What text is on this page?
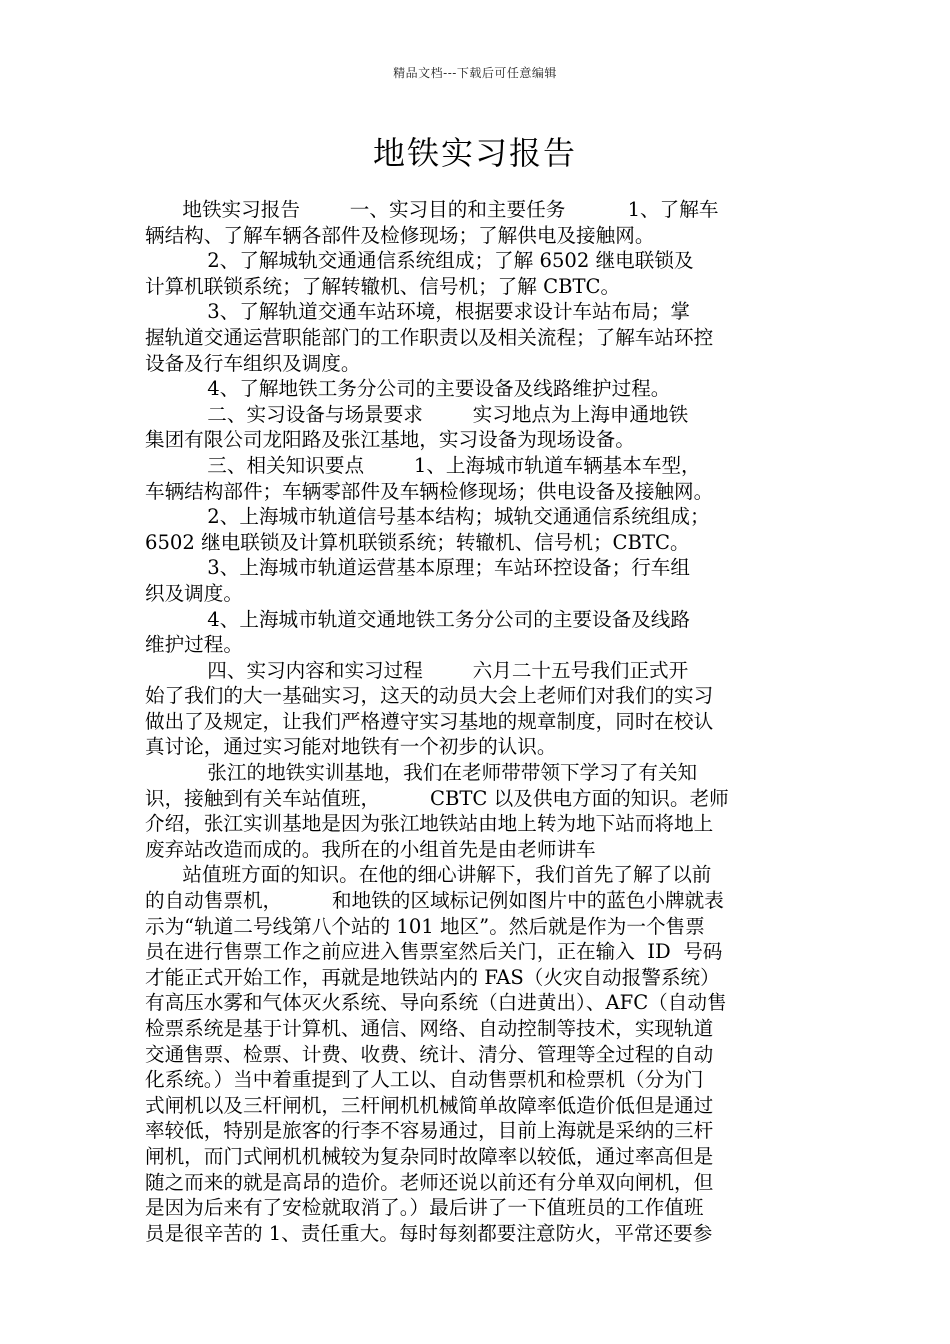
精品文档---下载后可任意编辑
地铁实习报告
地铁实习报告        一、实习目的和主要任务          1、了解车
辆结构、了解车辆各部件及检修现场；了解供电及接触网。
2、了解城轨交通通信系统组成；了解 6502 继电联锁及
计算机联锁系统；了解转辙机、信号机；了解 CBTC。
3、了解轨道交通车站环境，根据要求设计车站布局；掌
握轨道交通运营职能部门的工作职责以及相关流程；了解车站环控
设备及行车组织及调度。
4、了解地铁工务分公司的主要设备及线路维护过程。
二、实习设备与场景要求        实习地点为上海申通地铁
集团有限公司龙阳路及张江基地，实习设备为现场设备。
三、相关知识要点        1、上海城市轨道车辆基本车型，
车辆结构部件；车辆零部件及车辆检修现场；供电设备及接触网。
2、上海城市轨道信号基本结构；城轨交通通信系统组成；
6502 继电联锁及计算机联锁系统；转辙机、信号机；CBTC。
3、上海城市轨道运营基本原理；车站环控设备；行车组
织及调度。
4、上海城市轨道交通地铁工务分公司的主要设备及线路
维护过程。
四、实习内容和实习过程        六月二十五号我们正式开
始了我们的大一基础实习，这天的动员大会上老师们对我们的实习
做出了及规定，让我们严格遵守实习基地的规章制度，同时在校认
真讨论，通过实习能对地铁有一个初步的认识。
张江的地铁实训基地，我们在老师带带领下学习了有关知
识，接触到有关车站值班，        CBTC 以及供电方面的知识。老师
介绍，张江实训基地是因为张江地铁站由地上转为地下站而将地上
废弃站改造而成的。我所在的小组首先是由老师讲车
站值班方面的知识。在他的细心讲解下，我们首先了解了以前
的自动售票机，        和地铁的区域标记例如图片中的蓝色小牌就表
示为“轨道二号线第八个站的 101 地区”。然后就是作为一个售票
员在进行售票工作之前应进入售票室然后关门，正在输入  ID  号码
才能正式开始工作，再就是地铁站内的 FAS（火灾自动报警系统）
有高压水雾和气体灭火系统、导向系统（白进黄出）、AFC（自动售
检票系统是基于计算机、通信、网络、自动控制等技术，实现轨道
交通售票、检票、计费、收费、统计、清分、管理等全过程的自动
化系统。）当中着重提到了人工以、自动售票机和检票机（分为门
式闸机以及三杆闸机，三杆闸机机械简单故障率低造价低但是通过
率较低，特别是旅客的行李不容易通过，目前上海就是采纳的三杆
闸机，而门式闸机机械较为复杂同时故障率以较低，通过率高但是
随之而来的就是高昂的造价。老师还说以前还有分单双向闸机，但
是因为后来有了安检就取消了。）最后讲了一下值班员的工作值班
员是很辛苦的 1、责任重大。每时每刻都要注意防火，平常还要参
